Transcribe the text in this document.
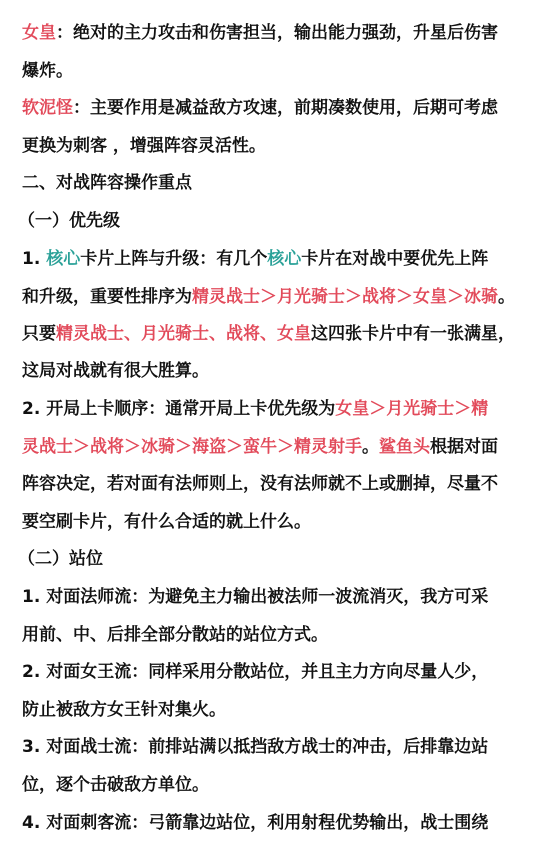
女皇：绝对的主力攻击和伤害担当，输出能力强劲，升星后伤害
爆炸。
软泥怪：主要作用是减益敌方攻速，前期凑数使用，后期可考虑
更换为刺客 ，增强阵容灵活性。
二、对战阵容操作重点
（一）优先级
1. 核心卡片上阵与升级：有几个核心卡片在对战中要优先上阵
和升级，重要性排序为精灵战士＞月光骑士＞战将＞女皇＞冰骑。
只要精灵战士、月光骑士、战将、女皇这四张卡片中有一张满星，
这局对战就有很大胜算。
2. 开局上卡顺序：通常开局上卡优先级为女皇＞月光骑士＞精
灵战士＞战将＞冰骑＞海盗＞蛮牛＞精灵射手。鲨鱼头根据对面
阵容决定，若对面有法师则上，没有法师就不上或删掉，尽量不
要空刷卡片，有什么合适的就上什么。
（二）站位
1. 对面法师流：为避免主力输出被法师一波流消灭，我方可采
用前、中、后排全部分散站的站位方式。
2. 对面女王流：同样采用分散站位，并且主力方向尽量人少，
防止被敌方女王针对集火。
3. 对面战士流：前排站满以抵挡敌方战士的冲击，后排靠边站
位，逐个击破敌方单位。
4. 对面刺客流：弓箭靠边站位，利用射程优势输出，战士围绕
